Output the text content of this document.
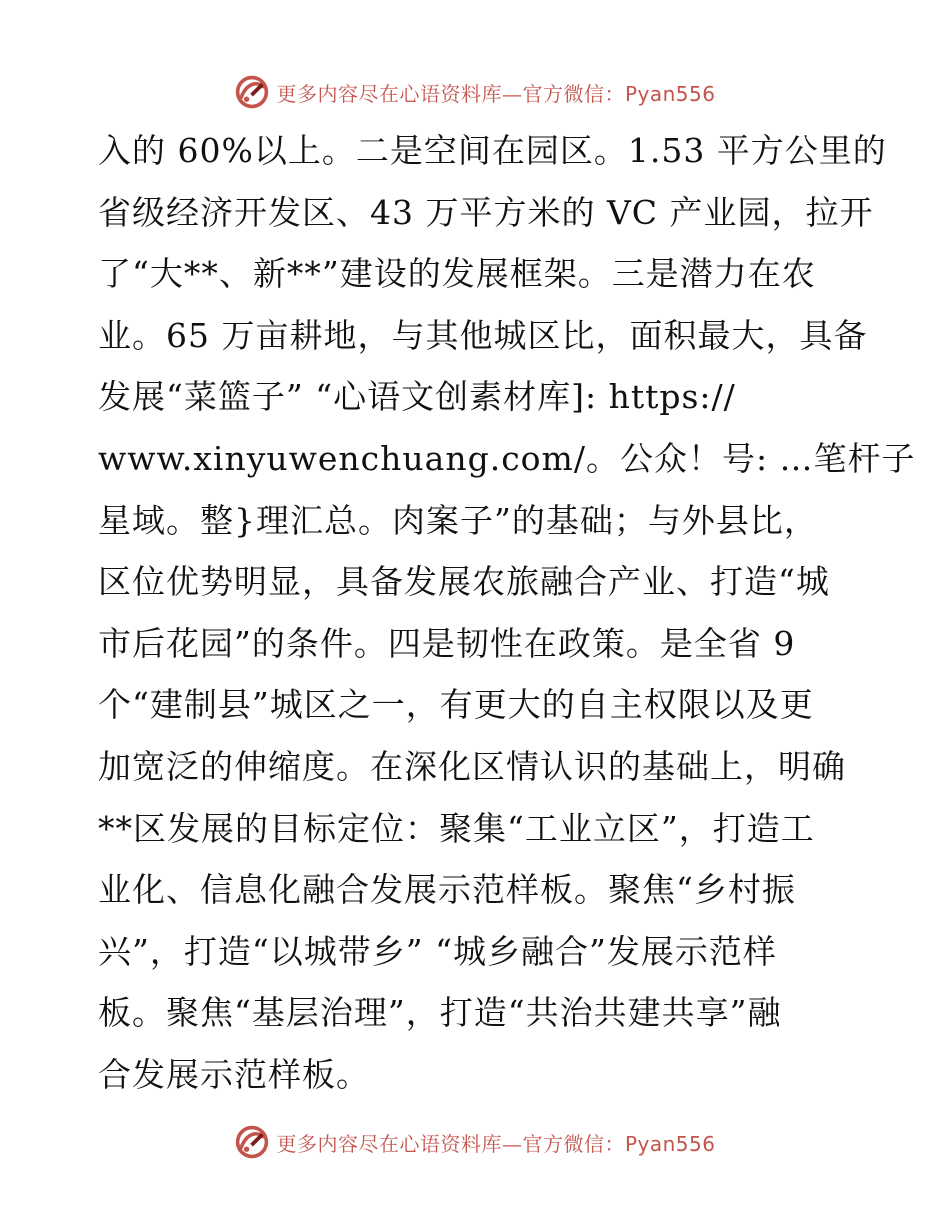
更多内容尽在心语资料库—官方微信：Pyan556
入的 60%以上。二是空间在园区。1.53 平方公里的
省级经济开发区、43 万平方米的 VC 产业园，拉开
了“大**、新**”建设的发展框架。三是潜力在农
业。65 万亩耕地，与其他城区比，面积最大，具备
发展“菜篮子” “心语文创素材库]: https://
www.xinyuwenchuang.com/。公众！号: …笔杆子
星域。整}理汇总。肉案子”的基础；与外县比，
区位优势明显，具备发展农旅融合产业、打造“城
市后花园”的条件。四是韧性在政策。是全省 9
个“建制县”城区之一，有更大的自主权限以及更
加宽泛的伸缩度。在深化区情认识的基础上，明确
**区发展的目标定位：聚集“工业立区”，打造工
业化、信息化融合发展示范样板。聚焦“乡村振
兴”，打造“以城带乡” “城乡融合”发展示范样
板。聚焦“基层治理”，打造“共治共建共享”融
合发展示范样板。
更多内容尽在心语资料库—官方微信：Pyan556
